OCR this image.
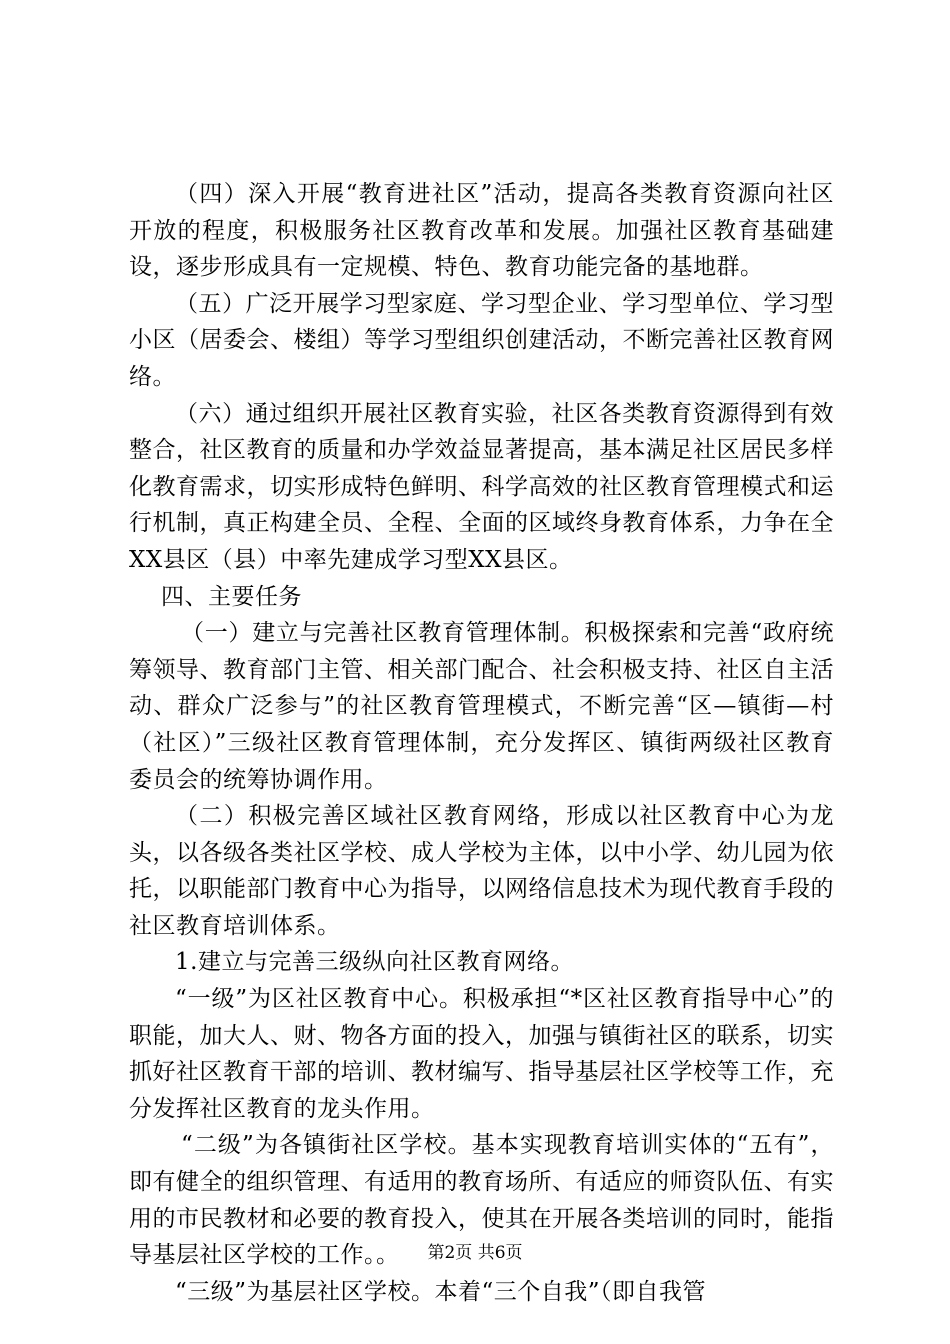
（四）深入开展“教育进社区”活动，提高各类教育资源向社区开放的程度，积极服务社区教育改革和发展。加强社区教育基础建设，逐步形成具有一定规模、特色、教育功能完备的基地群。

（五）广泛开展学习型家庭、学习型企业、学习型单位、学习型小区（居委会、楼组）等学习型组织创建活动，不断完善社区教育网络。

（六）通过组织开展社区教育实验，社区各类教育资源得到有效整合，社区教育的质量和办学效益显著提高，基本满足社区居民多样化教育需求，切实形成特色鲜明、科学高效的社区教育管理模式和运行机制，真正构建全员、全程、全面的区域终身教育体系，力争在全XX县区（县）中率先建成学习型XX县区。

四、主要任务

（一）建立与完善社区教育管理体制。积极探索和完善“政府统筹领导、教育部门主管、相关部门配合、社会积极支持、社区自主活动、群众广泛参与”的社区教育管理模式，不断完善“区—镇街—村（社区）”三级社区教育管理体制，充分发挥区、镇街两级社区教育委员会的统筹协调作用。

（二）积极完善区域社区教育网络，形成以社区教育中心为龙头，以各级各类社区学校、成人学校为主体，以中小学、幼儿园为依托，以职能部门教育中心为指导，以网络信息技术为现代教育手段的社区教育培训体系。

1.建立与完善三级纵向社区教育网络。

“一级”为区社区教育中心。积极承担“*区社区教育指导中心”的职能，加大人、财、物各方面的投入，加强与镇街社区的联系，切实抓好社区教育干部的培训、教材编写、指导基层社区学校等工作，充分发挥社区教育的龙头作用。

“二级”为各镇街社区学校。基本实现教育培训实体的“五有”，即有健全的组织管理、有适用的教育场所、有适应的师资队伍、有实用的市民教材和必要的教育投入，使其在开展各类培训的同时，能指导基层社区学校的工作。。

“三级”为基层社区学校。本着“三个自我”（即自我管

第2页 共6页
